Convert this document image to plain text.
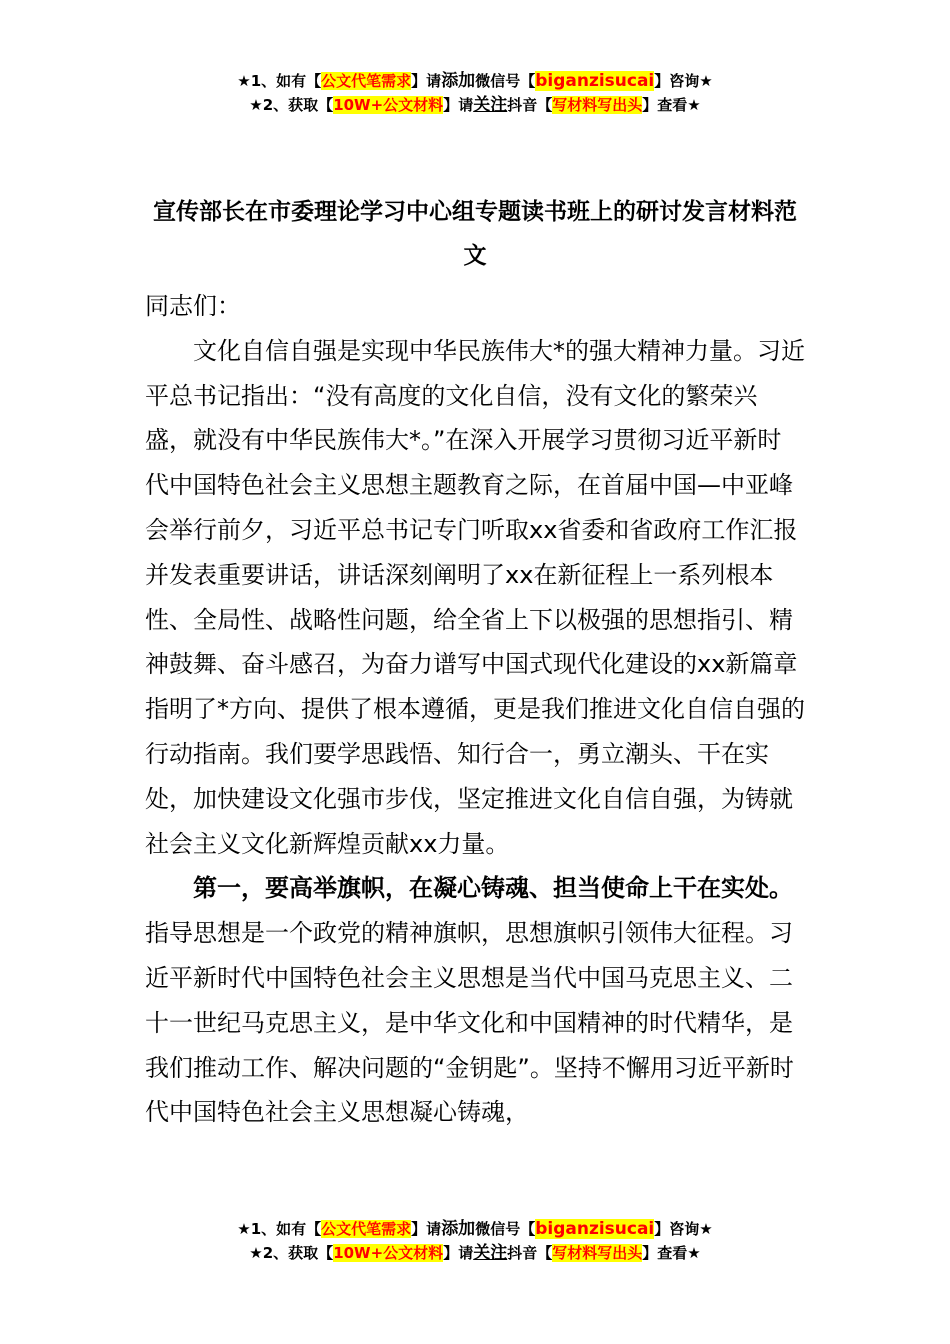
★1、如有【公文代笔需求】请添加微信号【biganzisucai】咨询★
★2、获取【10W+公文材料】请关注抖音【写材料写出头】查看★
宣传部长在市委理论学习中心组专题读书班上的研讨发言材料范文

同志们：

文化自信自强是实现中华民族伟大*的强大精神力量。习近平总书记指出：“没有高度的文化自信，没有文化的繁荣兴盛，就没有中华民族伟大*。”在深入开展学习贯彻习近平新时代中国特色社会主义思想主题教育之际，在首届中国—中亚峰会举行前夕，习近平总书记专门听取xx省委和省政府工作汇报并发表重要讲话，讲话深刻阐明了xx在新征程上一系列根本性、全局性、战略性问题，给全省上下以极强的思想指引、精神鼓舞、奋斗感召，为奋力谱写中国式现代化建设的xx新篇章指明了*方向、提供了根本遵循，更是我们推进文化自信自强的行动指南。我们要学思践悟、知行合一，勇立潮头、干在实处，加快建设文化强市步伐，坚定推进文化自信自强，为铸就社会主义文化新辉煌贡献xx力量。

第一，要高举旗帜，在凝心铸魂、担当使命上干在实处。指导思想是一个政党的精神旗帜，思想旗帜引领伟大征程。习近平新时代中国特色社会主义思想是当代中国马克思主义、二十一世纪马克思主义，是中华文化和中国精神的时代精华，是我们推动工作、解决问题的“金钥匙”。坚持不懈用习近平新时代中国特色社会主义思想凝心铸魂，

★1、如有【公文代笔需求】请添加微信号【biganzisucai】咨询★
★2、获取【10W+公文材料】请关注抖音【写材料写出头】查看★
